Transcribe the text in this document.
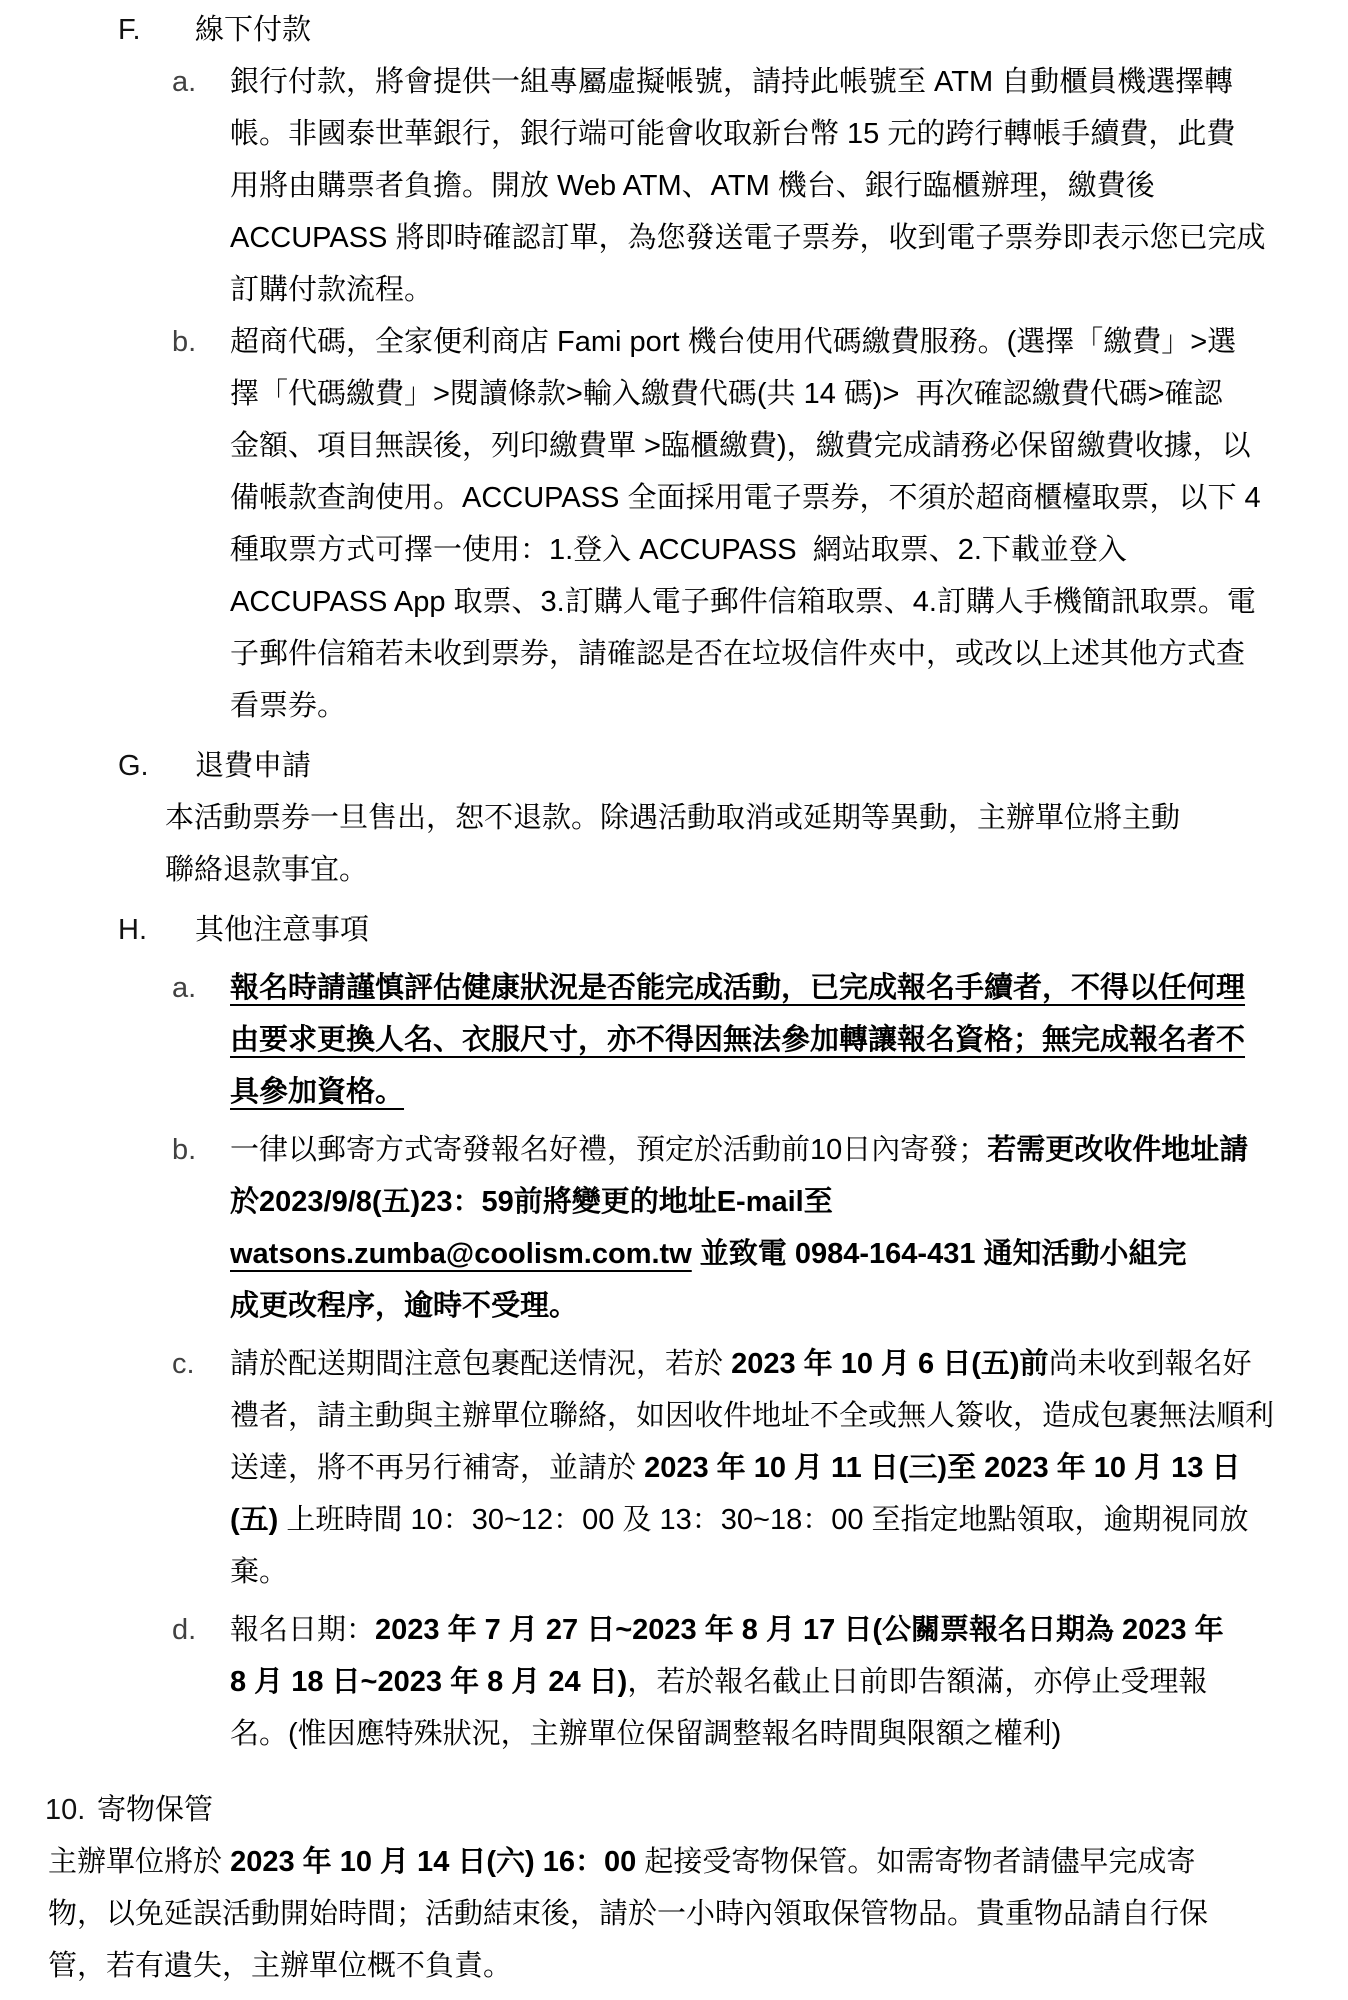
F. 線下付款
a. 銀行付款，將會提供一組專屬虛擬帳號，請持此帳號至 ATM 自動櫃員機選擇轉
帳。非國泰世華銀行，銀行端可能會收取新台幣 15 元的跨行轉帳手續費，此費
用將由購票者負擔。開放 Web ATM、ATM 機台、銀行臨櫃辦理，繳費後
ACCUPASS 將即時確認訂單，為您發送電子票券，收到電子票券即表示您已完成
訂購付款流程。
b. 超商代碼，全家便利商店 Fami port 機台使用代碼繳費服務。(選擇「繳費」>選
擇「代碼繳費」>閱讀條款>輸入繳費代碼(共 14 碼)>  再次確認繳費代碼>確認
金額、項目無誤後，列印繳費單 >臨櫃繳費)，繳費完成請務必保留繳費收據，以
備帳款查詢使用。ACCUPASS 全面採用電子票券，不須於超商櫃檯取票，以下 4
種取票方式可擇一使用：1.登入 ACCUPASS  網站取票、2.下載並登入
ACCUPASS App 取票、3.訂購人電子郵件信箱取票、4.訂購人手機簡訊取票。電
子郵件信箱若未收到票券，請確認是否在垃圾信件夾中，或改以上述其他方式查
看票券。
G. 退費申請
本活動票券一旦售出，恕不退款。除遇活動取消或延期等異動，主辦單位將主動
聯絡退款事宜。
H. 其他注意事項
a. 報名時請謹慎評估健康狀況是否能完成活動，已完成報名手續者，不得以任何理
由要求更換人名、衣服尺寸，亦不得因無法參加轉讓報名資格；無完成報名者不
具參加資格。
b. 一律以郵寄方式寄發報名好禮，預定於活動前10日內寄發；若需更改收件地址請
於2023/9/8(五)23：59前將變更的地址E-mail至
watsons.zumba@coolism.com.tw 並致電 0984-164-431 通知活動小組完
成更改程序，逾時不受理。
c. 請於配送期間注意包裹配送情況，若於 2023 年 10 月 6 日(五)前尚未收到報名好
禮者，請主動與主辦單位聯絡，如因收件地址不全或無人簽收，造成包裹無法順利
送達，將不再另行補寄，並請於 2023 年 10 月 11 日(三)至 2023 年 10 月 13 日
(五) 上班時間 10：30~12：00 及 13：30~18：00 至指定地點領取，逾期視同放
棄。
d. 報名日期：2023 年 7 月 27 日~2023 年 8 月 17 日(公關票報名日期為 2023 年
8 月 18 日~2023 年 8 月 24 日)，若於報名截止日前即告額滿，亦停止受理報
名。(惟因應特殊狀況，主辦單位保留調整報名時間與限額之權利)
10. 寄物保管
主辦單位將於 2023 年 10 月 14 日(六) 16：00 起接受寄物保管。如需寄物者請儘早完成寄
物，以免延誤活動開始時間；活動結束後，請於一小時內領取保管物品。貴重物品請自行保
管，若有遺失，主辦單位概不負責。
